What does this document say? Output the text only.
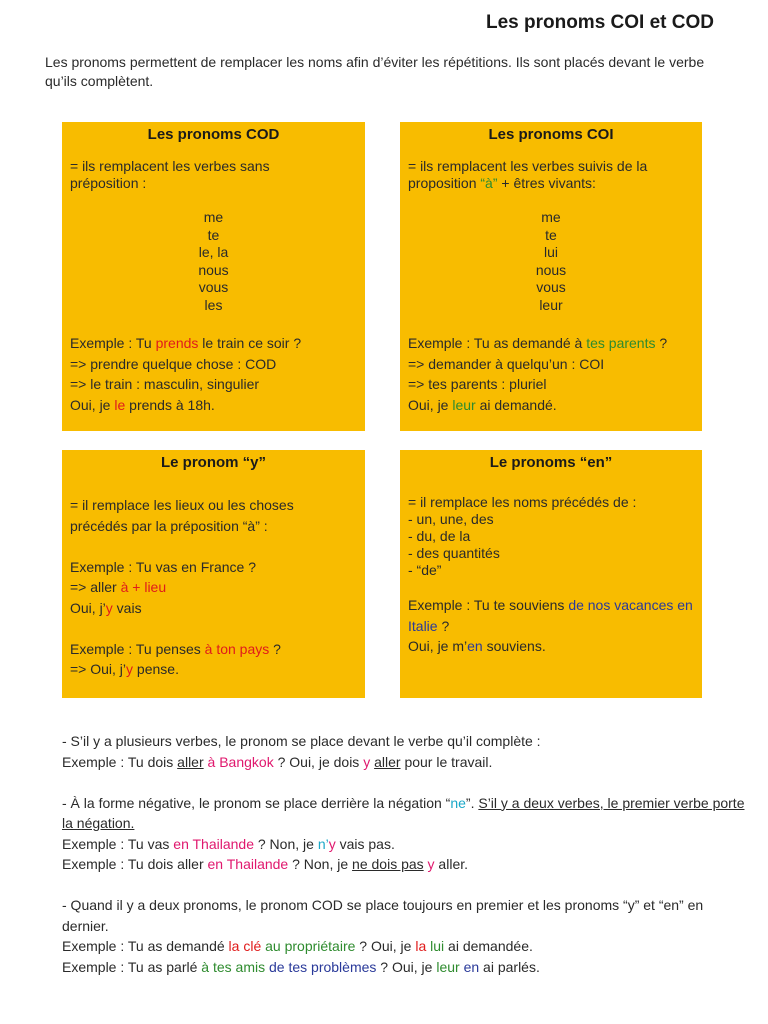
Les pronoms COI et COD

Les pronoms permettent de remplacer les noms afin d’éviter les répétitions. Ils sont placés devant le verbe qu’ils complètent.

Les pronoms COD

= ils remplacent les verbes sans préposition :

me
te
le, la
nous
vous
les

Exemple : Tu prends le train ce soir ?

=> prendre quelque chose : COD

=> le train : masculin, singulier

Oui, je le prends à 18h.

Les pronoms COI

= ils remplacent les verbes suivis de la proposition “à” + êtres vivants:

me
te
lui
nous
vous
leur

Exemple : Tu as demandé à tes parents ?

=> demander à quelqu’un : COI

=> tes parents : pluriel

Oui, je leur ai demandé.

Le pronom “y”

= il remplace les lieux ou les choses précédés par la préposition “à” :

Exemple : Tu vas en France ?

=> aller à + lieu

Oui, j’y vais

Exemple : Tu penses à ton pays ?

=> Oui, j’y pense.

Le pronoms “en”

= il remplace les noms précédés de :

- un, une, des

- du, de la

- des quantités

- “de”

Exemple : Tu te souviens de nos vacances en Italie ?

Oui, je m’en souviens.

- S’il y a plusieurs verbes, le pronom se place devant le verbe qu’il complète :

Exemple : Tu dois aller à Bangkok ? Oui, je dois y aller pour le travail.

- À la forme négative, le pronom se place derrière la négation “ne”. S’il y a deux verbes, le premier verbe porte la négation.

Exemple : Tu vas en Thailande ? Non, je n’y vais pas.

Exemple : Tu dois aller en Thailande ? Non, je ne dois pas y aller.

- Quand il y a deux pronoms, le pronom COD se place toujours en premier et les pronoms “y” et “en” en dernier.

Exemple : Tu as demandé la clé au propriétaire ? Oui, je la lui ai demandée.

Exemple : Tu as parlé à tes amis de tes problèmes ? Oui, je leur en ai parlés.
